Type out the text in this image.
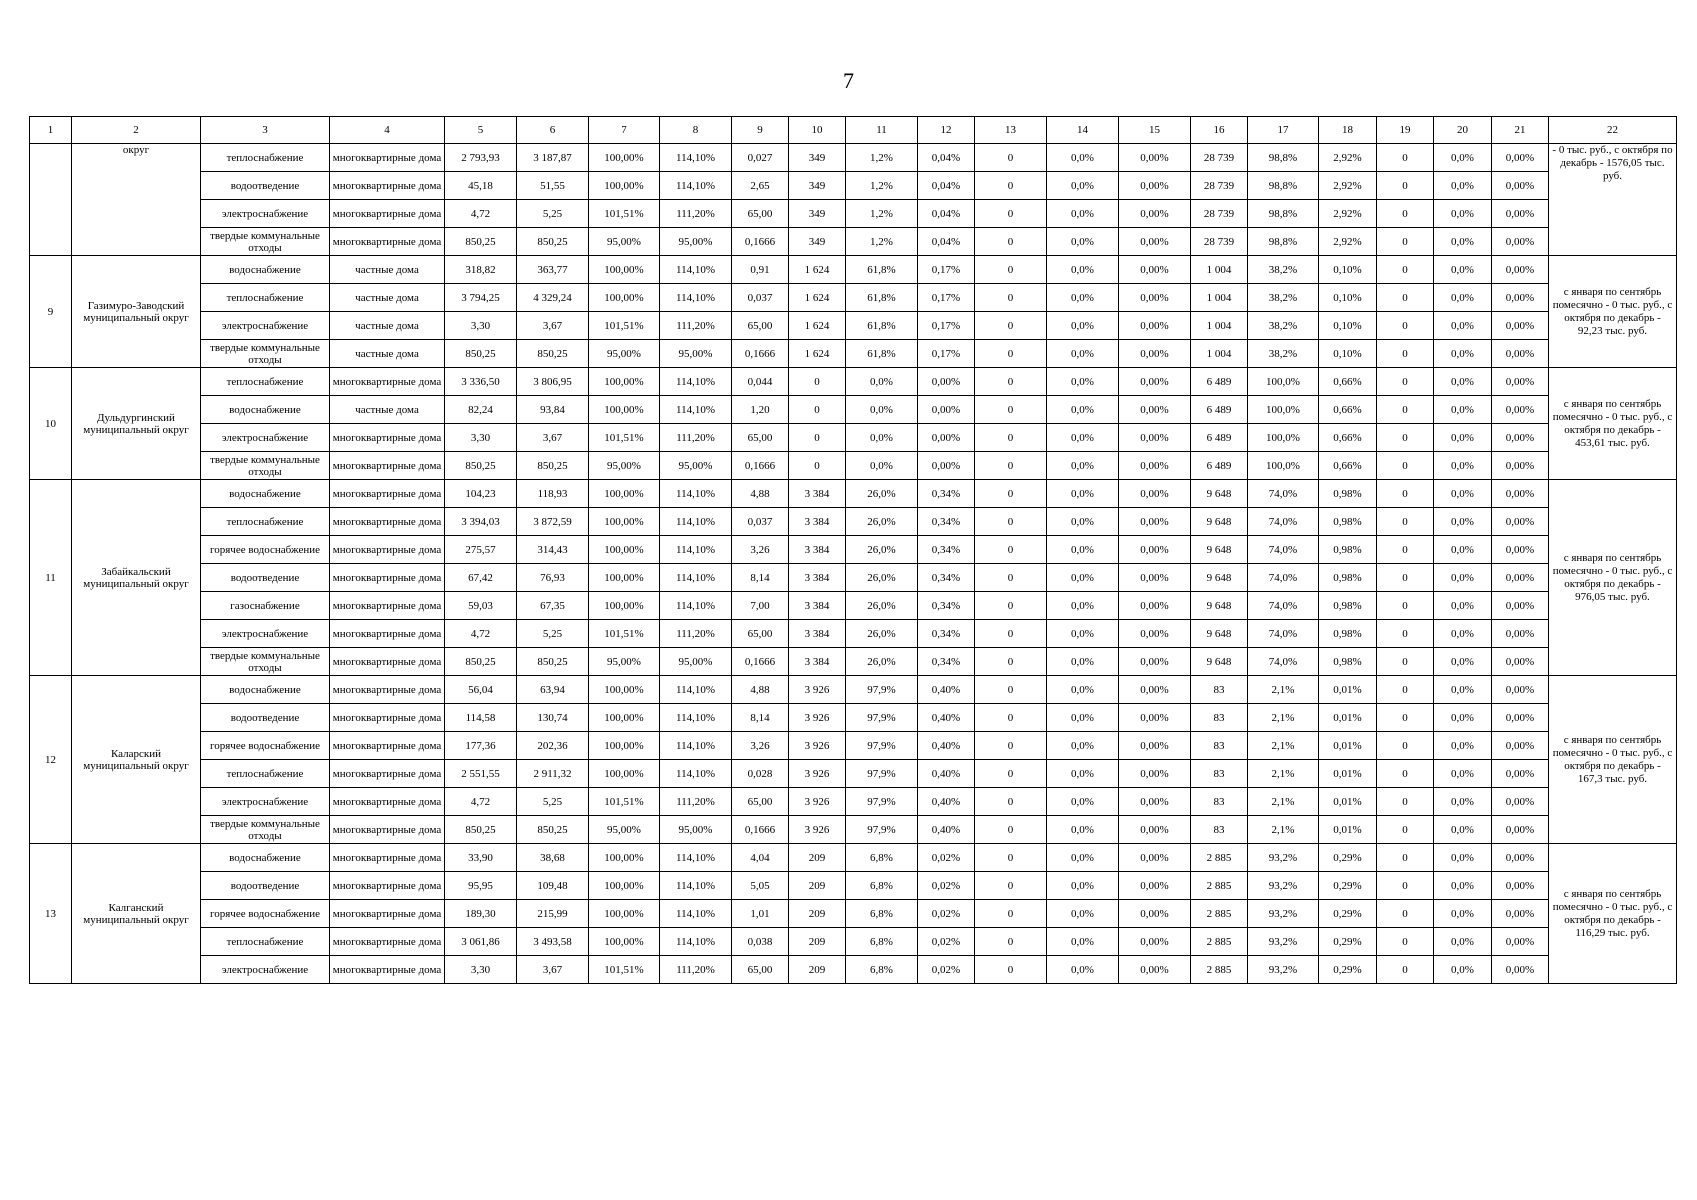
7
1	2	3	4	5	6	7	8	9	10	11	12	13	14	15	16	17	18	19	20	21	22
	округ	теплоснабжение	многоквартирные дома	2 793,93	3 187,87	100,00%	114,10%	0,027	349	1,2%	0,04%	0	0,0%	0,00%	28 739	98,8%	2,92%	0	0,0%	0,00%	- 0 тыс. руб., с октября по декабрь - 1576,05 тыс. руб.
		водоотведение	многоквартирные дома	45,18	51,55	100,00%	114,10%	2,65	349	1,2%	0,04%	0	0,0%	0,00%	28 739	98,8%	2,92%	0	0,0%	0,00%	
		электроснабжение	многоквартирные дома	4,72	5,25	101,51%	111,20%	65,00	349	1,2%	0,04%	0	0,0%	0,00%	28 739	98,8%	2,92%	0	0,0%	0,00%	
		твердые коммунальные отходы	многоквартирные дома	850,25	850,25	95,00%	95,00%	0,1666	349	1,2%	0,04%	0	0,0%	0,00%	28 739	98,8%	2,92%	0	0,0%	0,00%	
9	Газимуро-Заводский муниципальный округ	водоснабжение	частные дома	318,82	363,77	100,00%	114,10%	0,91	1 624	61,8%	0,17%	0	0,0%	0,00%	1 004	38,2%	0,10%	0	0,0%	0,00%	с января по сентябрь помесячно - 0 тыс. руб., с октября по декабрь - 92,23 тыс. руб.
		теплоснабжение	частные дома	3 794,25	4 329,24	100,00%	114,10%	0,037	1 624	61,8%	0,17%	0	0,0%	0,00%	1 004	38,2%	0,10%	0	0,0%	0,00%	
		электроснабжение	частные дома	3,30	3,67	101,51%	111,20%	65,00	1 624	61,8%	0,17%	0	0,0%	0,00%	1 004	38,2%	0,10%	0	0,0%	0,00%	
		твердые коммунальные отходы	частные дома	850,25	850,25	95,00%	95,00%	0,1666	1 624	61,8%	0,17%	0	0,0%	0,00%	1 004	38,2%	0,10%	0	0,0%	0,00%	
10	Дульдургинский муниципальный округ	теплоснабжение	многоквартирные дома	3 336,50	3 806,95	100,00%	114,10%	0,044	0	0,0%	0,00%	0	0,0%	0,00%	6 489	100,0%	0,66%	0	0,0%	0,00%	с января по сентябрь помесячно - 0 тыс. руб., с октября по декабрь - 453,61 тыс. руб.
		водоснабжение	частные дома	82,24	93,84	100,00%	114,10%	1,20	0	0,0%	0,00%	0	0,0%	0,00%	6 489	100,0%	0,66%	0	0,0%	0,00%	
		электроснабжение	многоквартирные дома	3,30	3,67	101,51%	111,20%	65,00	0	0,0%	0,00%	0	0,0%	0,00%	6 489	100,0%	0,66%	0	0,0%	0,00%	
		твердые коммунальные отходы	многоквартирные дома	850,25	850,25	95,00%	95,00%	0,1666	0	0,0%	0,00%	0	0,0%	0,00%	6 489	100,0%	0,66%	0	0,0%	0,00%	
11	Забайкальский муниципальный округ	водоснабжение	многоквартирные дома	104,23	118,93	100,00%	114,10%	4,88	3 384	26,0%	0,34%	0	0,0%	0,00%	9 648	74,0%	0,98%	0	0,0%	0,00%	с января по сентябрь помесячно - 0 тыс. руб., с октября по декабрь - 976,05 тыс. руб.
		теплоснабжение	многоквартирные дома	3 394,03	3 872,59	100,00%	114,10%	0,037	3 384	26,0%	0,34%	0	0,0%	0,00%	9 648	74,0%	0,98%	0	0,0%	0,00%	
		горячее водоснабжение	многоквартирные дома	275,57	314,43	100,00%	114,10%	3,26	3 384	26,0%	0,34%	0	0,0%	0,00%	9 648	74,0%	0,98%	0	0,0%	0,00%	
		водоотведение	многоквартирные дома	67,42	76,93	100,00%	114,10%	8,14	3 384	26,0%	0,34%	0	0,0%	0,00%	9 648	74,0%	0,98%	0	0,0%	0,00%	
		газоснабжение	многоквартирные дома	59,03	67,35	100,00%	114,10%	7,00	3 384	26,0%	0,34%	0	0,0%	0,00%	9 648	74,0%	0,98%	0	0,0%	0,00%	
		электроснабжение	многоквартирные дома	4,72	5,25	101,51%	111,20%	65,00	3 384	26,0%	0,34%	0	0,0%	0,00%	9 648	74,0%	0,98%	0	0,0%	0,00%	
		твердые коммунальные отходы	многоквартирные дома	850,25	850,25	95,00%	95,00%	0,1666	3 384	26,0%	0,34%	0	0,0%	0,00%	9 648	74,0%	0,98%	0	0,0%	0,00%	
12	Каларский муниципальный округ	водоснабжение	многоквартирные дома	56,04	63,94	100,00%	114,10%	4,88	3 926	97,9%	0,40%	0	0,0%	0,00%	83	2,1%	0,01%	0	0,0%	0,00%	с января по сентябрь помесячно - 0 тыс. руб., с октября по декабрь - 167,3 тыс. руб.
		водоотведение	многоквартирные дома	114,58	130,74	100,00%	114,10%	8,14	3 926	97,9%	0,40%	0	0,0%	0,00%	83	2,1%	0,01%	0	0,0%	0,00%	
		горячее водоснабжение	многоквартирные дома	177,36	202,36	100,00%	114,10%	3,26	3 926	97,9%	0,40%	0	0,0%	0,00%	83	2,1%	0,01%	0	0,0%	0,00%	
		теплоснабжение	многоквартирные дома	2 551,55	2 911,32	100,00%	114,10%	0,028	3 926	97,9%	0,40%	0	0,0%	0,00%	83	2,1%	0,01%	0	0,0%	0,00%	
		электроснабжение	многоквартирные дома	4,72	5,25	101,51%	111,20%	65,00	3 926	97,9%	0,40%	0	0,0%	0,00%	83	2,1%	0,01%	0	0,0%	0,00%	
		твердые коммунальные отходы	многоквартирные дома	850,25	850,25	95,00%	95,00%	0,1666	3 926	97,9%	0,40%	0	0,0%	0,00%	83	2,1%	0,01%	0	0,0%	0,00%	
13	Калганский муниципальный округ	водоснабжение	многоквартирные дома	33,90	38,68	100,00%	114,10%	4,04	209	6,8%	0,02%	0	0,0%	0,00%	2 885	93,2%	0,29%	0	0,0%	0,00%	с января по сентябрь помесячно - 0 тыс. руб., с октября по декабрь - 116,29 тыс. руб.
		водоотведение	многоквартирные дома	95,95	109,48	100,00%	114,10%	5,05	209	6,8%	0,02%	0	0,0%	0,00%	2 885	93,2%	0,29%	0	0,0%	0,00%	
		горячее водоснабжение	многоквартирные дома	189,30	215,99	100,00%	114,10%	1,01	209	6,8%	0,02%	0	0,0%	0,00%	2 885	93,2%	0,29%	0	0,0%	0,00%	
		теплоснабжение	многоквартирные дома	3 061,86	3 493,58	100,00%	114,10%	0,038	209	6,8%	0,02%	0	0,0%	0,00%	2 885	93,2%	0,29%	0	0,0%	0,00%	
		электроснабжение	многоквартирные дома	3,30	3,67	101,51%	111,20%	65,00	209	6,8%	0,02%	0	0,0%	0,00%	2 885	93,2%	0,29%	0	0,0%	0,00%	
